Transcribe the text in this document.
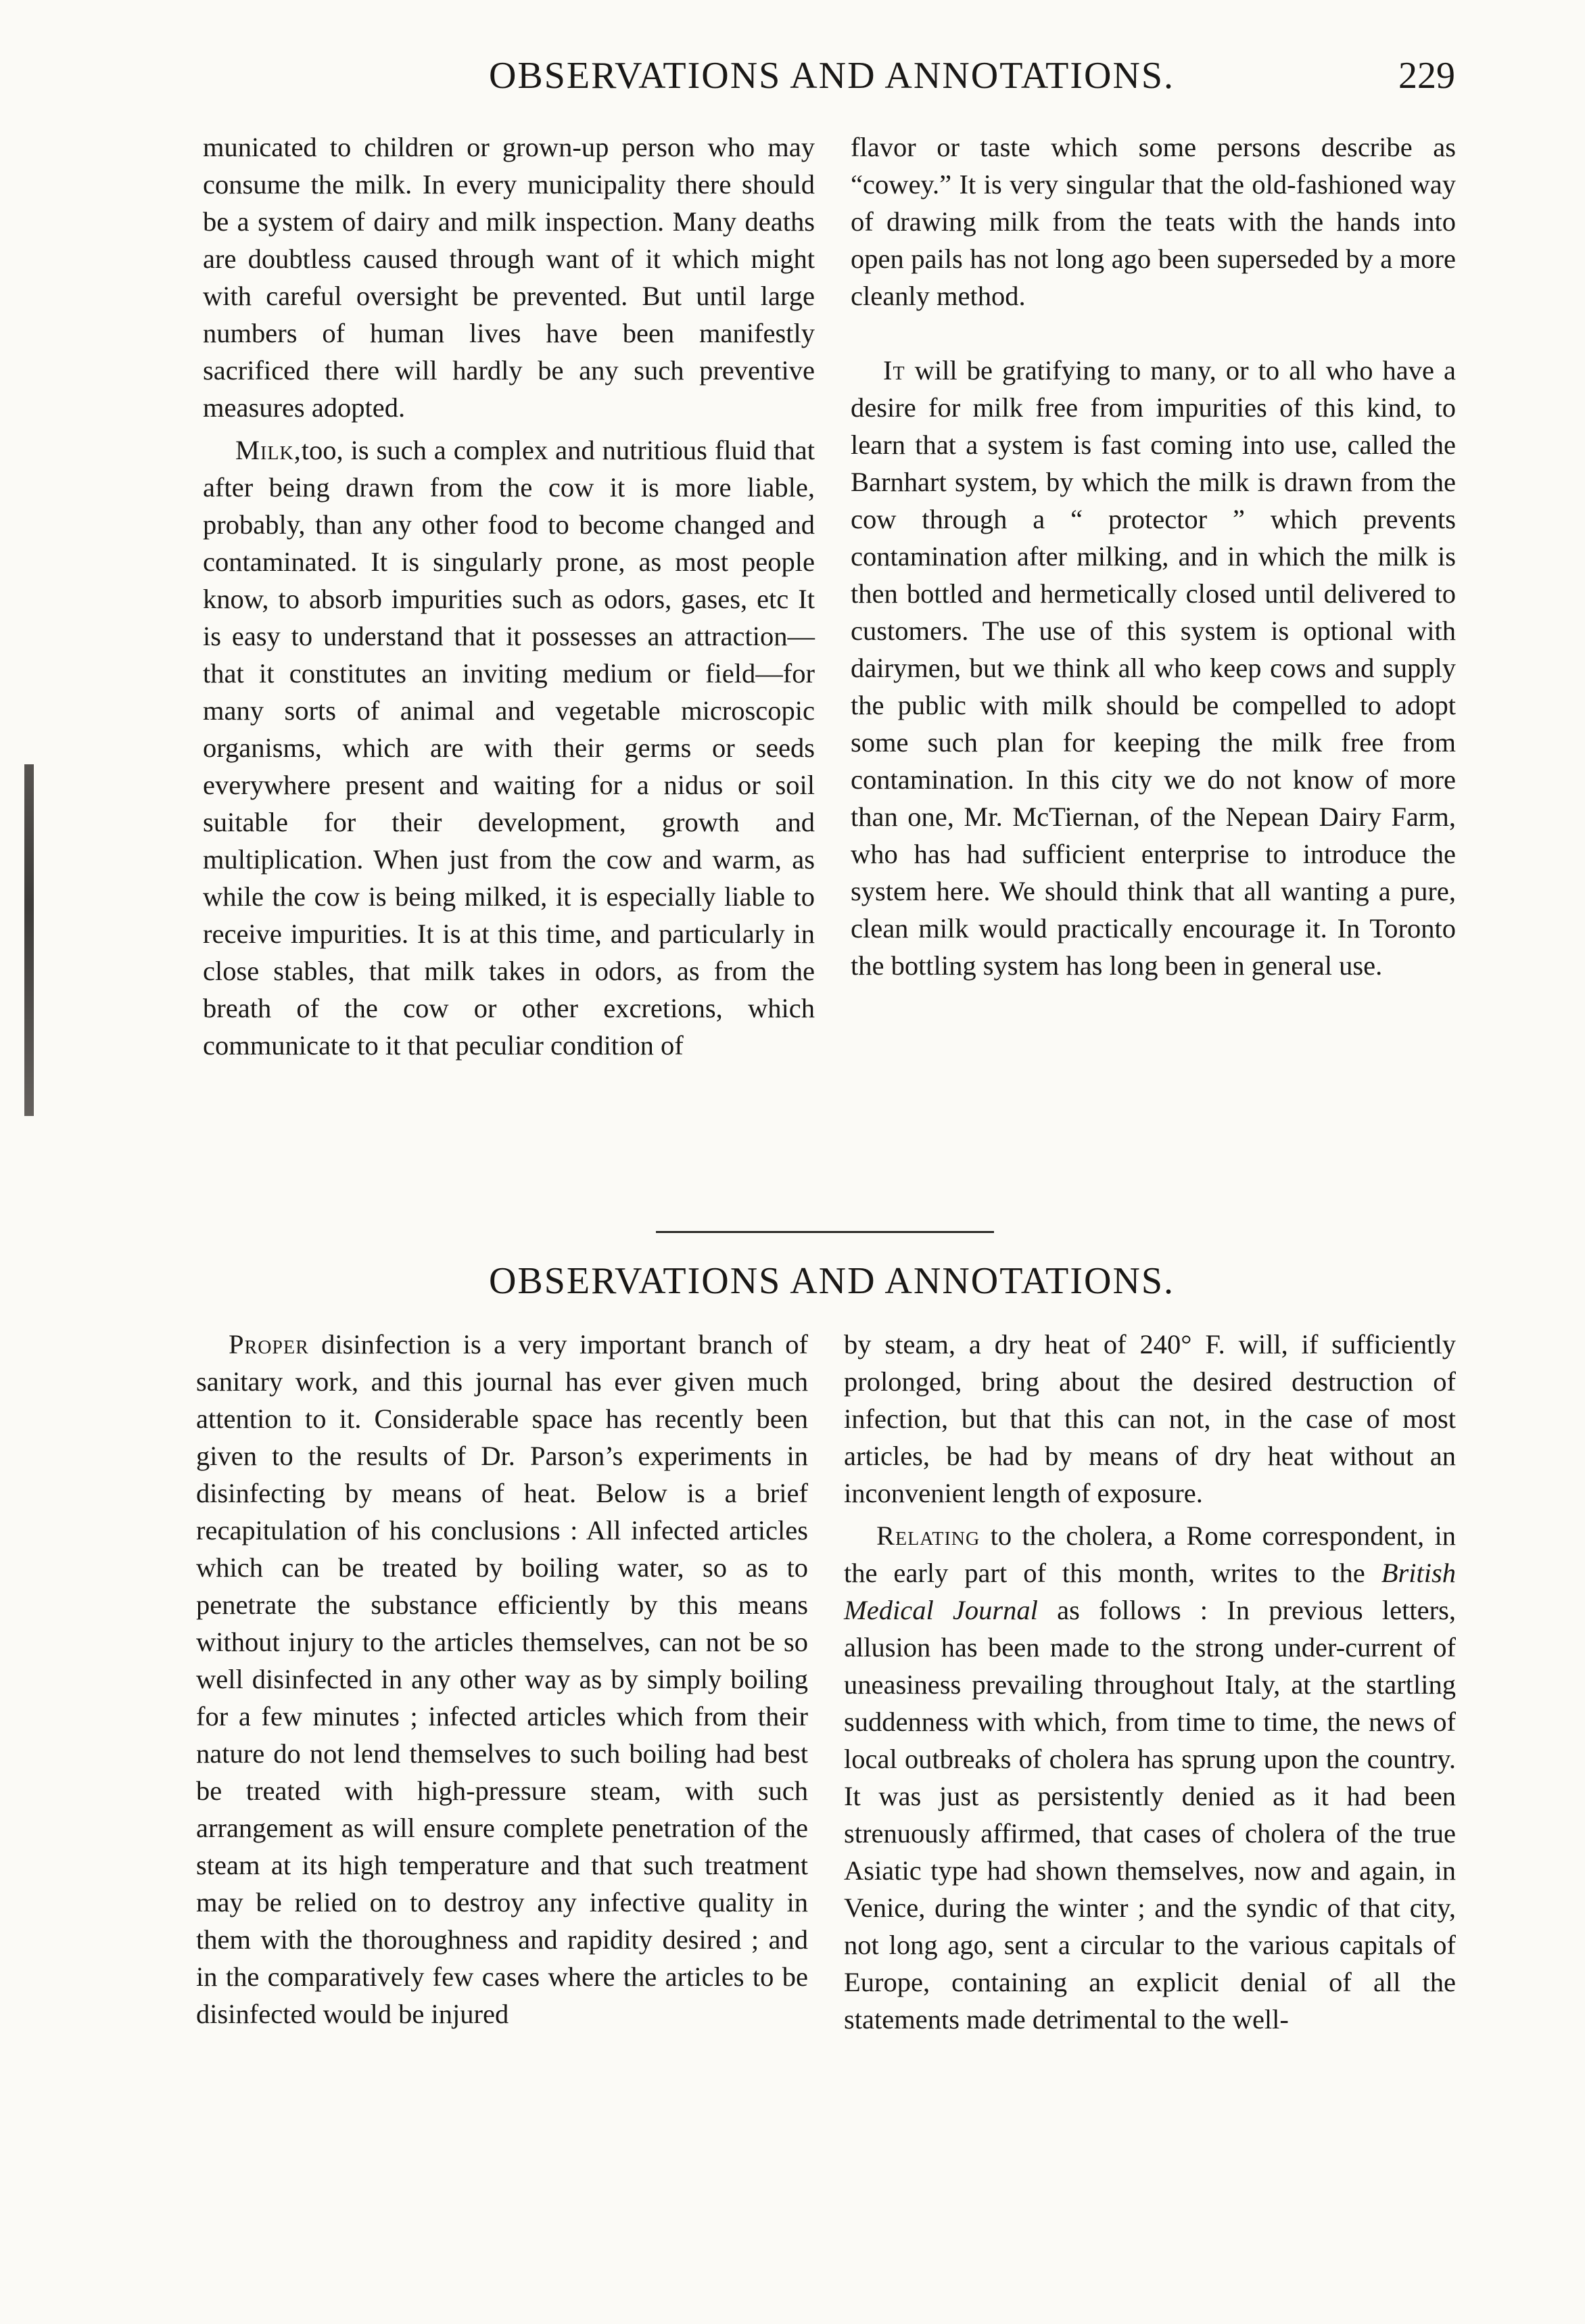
OBSERVATIONS AND ANNOTATIONS.	229

municated to children or grown-up person who may consume the milk. In every municipality there should be a system of dairy and milk inspection. Many deaths are doubtless caused through want of it which might with careful oversight be prevented. But until large numbers of human lives have been manifestly sacrificed there will hardly be any such preventive measures adopted.

Milk,too, is such a complex and nutritious fluid that after being drawn from the cow it is more liable, probably, than any other food to become changed and contaminated. It is singularly prone, as most people know, to absorb impurities such as odors, gases, etc It is easy to understand that it possesses an attraction—that it constitutes an inviting medium or field—for many sorts of animal and vegetable microscopic organisms, which are with their germs or seeds everywhere present and waiting for a nidus or soil suitable for their development, growth and multiplication. When just from the cow and warm, as while the cow is being milked, it is especially liable to receive impurities. It is at this time, and particularly in close stables, that milk takes in odors, as from the breath of the cow or other excretions, which communicate to it that peculiar condition of

flavor or taste which some persons describe as “cowey.” It is very singular that the old-fashioned way of drawing milk from the teats with the hands into open pails has not long ago been superseded by a more cleanly method.

It will be gratifying to many, or to all who have a desire for milk free from impurities of this kind, to learn that a system is fast coming into use, called the Barnhart system, by which the milk is drawn from the cow through a “ protector ” which prevents contamination after milking, and in which the milk is then bottled and hermetically closed until delivered to customers. The use of this system is optional with dairymen, but we think all who keep cows and supply the public with milk should be compelled to adopt some such plan for keeping the milk free from contamination. In this city we do not know of more than one, Mr. McTiernan, of the Nepean Dairy Farm, who has had sufficient enterprise to introduce the system here. We should think that all wanting a pure, clean milk would practically encourage it. In Toronto the bottling system has long been in general use.

OBSERVATIONS AND ANNOTATIONS.

Proper disinfection is a very important branch of sanitary work, and this journal has ever given much attention to it. Considerable space has recently been given to the results of Dr. Parson’s experiments in disinfecting by means of heat. Below is a brief recapitulation of his conclusions : All infected articles which can be treated by boiling water, so as to penetrate the substance efficiently by this means without injury to the articles themselves, can not be so well disinfected in any other way as by simply boiling for a few minutes ; infected articles which from their nature do not lend themselves to such boiling had best be treated with high-pressure steam, with such arrangement as will ensure complete penetration of the steam at its high temperature and that such treatment may be relied on to destroy any infective quality in them with the thoroughness and rapidity desired ; and in the comparatively few cases where the articles to be disinfected would be injured

by steam, a dry heat of 240° F. will, if sufficiently prolonged, bring about the desired destruction of infection, but that this can not, in the case of most articles, be had by means of dry heat without an inconvenient length of exposure.

Relating to the cholera, a Rome correspondent, in the early part of this month, writes to the British Medical Journal as follows : In previous letters, allusion has been made to the strong under-current of uneasiness prevailing throughout Italy, at the startling suddenness with which, from time to time, the news of local outbreaks of cholera has sprung upon the country. It was just as persistently denied as it had been strenuously affirmed, that cases of cholera of the true Asiatic type had shown themselves, now and again, in Venice, during the winter ; and the syndic of that city, not long ago, sent a circular to the various capitals of Europe, containing an explicit denial of all the statements made detrimental to the well-
